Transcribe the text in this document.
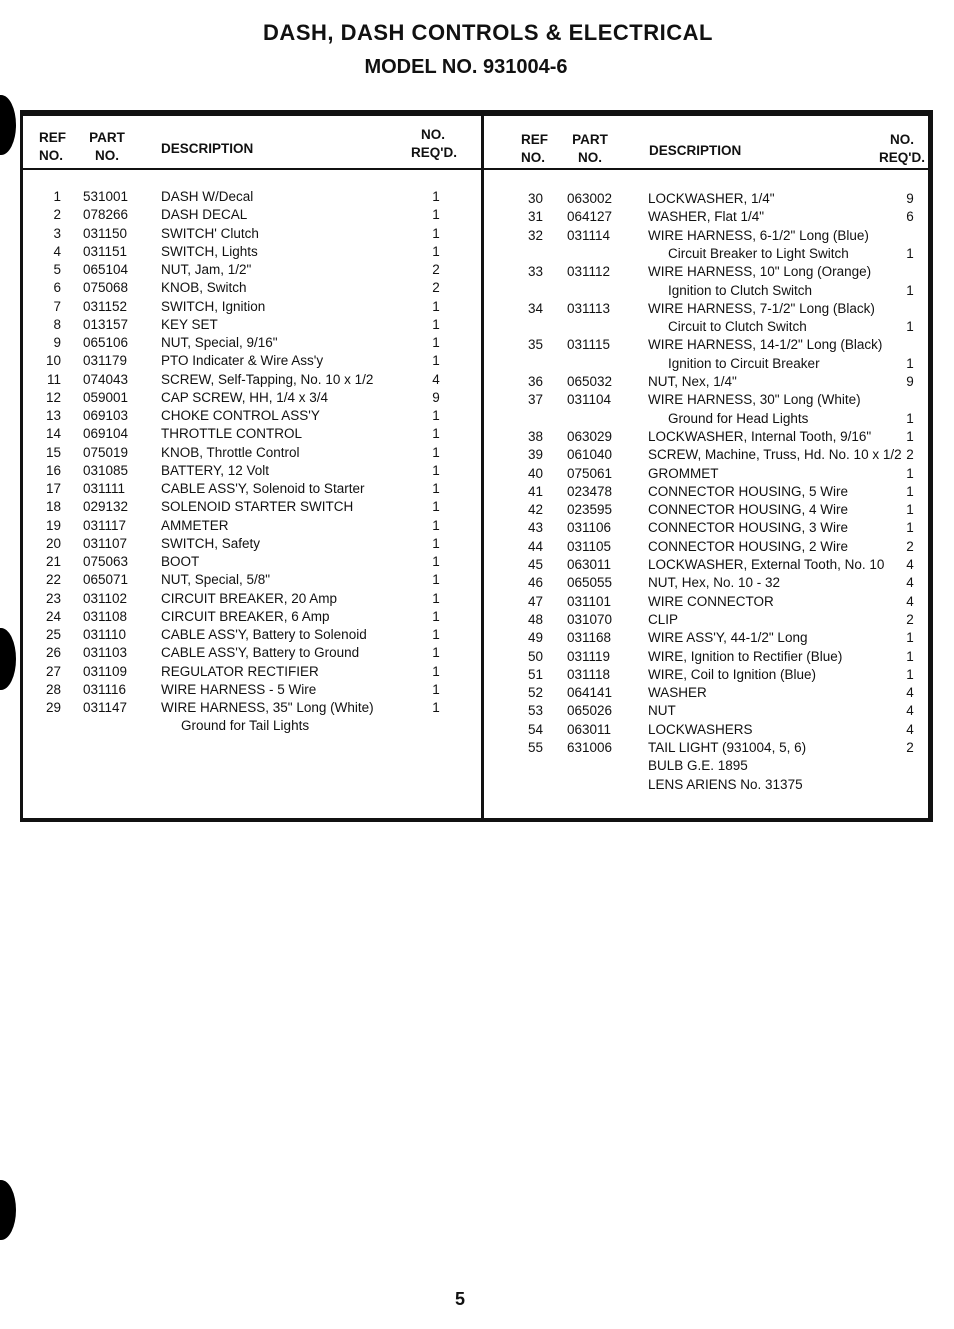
DASH, DASH CONTROLS & ELECTRICAL
MODEL NO. 931004-6
REF
NO.
PART
NO.	DESCRIPTION
NO.
REQ'D.
REF
NO.
PART
NO.	DESCRIPTION
NO.
REQ'D.
1 531001 DASH W/Decal	1
2 078266 DASH DECAL	1
3 031150	SWITCH' Clutch	1
4 031151	SWITCH, Lights	1
5 065104 NUT, Jam, 1/2"	2
6 075068 KNOB, Switch	2
7 031152	SWITCH, Ignition	1
8 013157 KEY SET	1
9 065106 NUT, Special, 9/16"	1
10 031179	PTO Indicater & Wire Ass'y	1
11 074043 SCREW, Self-Tapping, No. 10 x 1/2	4
12 059001 CAP SCREW, HH, 1/4 x 3/4	9
13 069103 CHOKE CONTROL ASS'Y	1
14 069104 THROTTLE CONTROL	1
15 075019 KNOB, Throttle Control	1
16 031085 BATTERY, 12 Volt	1
17 031111	CABLE ASS'Y, Solenoid to Starter	1
18 029132 SOLENOID STARTER SWITCH	1
19 031117	AMMETER	1
20 031107	SWITCH, Safety	1
21 075063 BOOT	1
22 065071 NUT, Special, 5/8"	1
23 031102	CIRCUIT BREAKER, 20 Amp	1
24 031108	CIRCUIT BREAKER, 6 Amp	1
25 031110	CABLE ASS'Y, Battery to Solenoid	1
26 031103	CABLE ASS'Y, Battery to Ground	1
27 031109	REGULATOR RECTIFIER	1
28 031116	WIRE HARNESS - 5 Wire	1
29 031147	WIRE HARNESS, 35" Long (White)	1
Ground for Tail Lights
30 063002	LOCKWASHER, 1/4"	9
31 064127	WASHER, Flat 1/4"	6
32 031114	WIRE HARNESS, 6-1/2" Long (Blue)
Circuit Breaker to Light Switch	1
33 031112	WIRE HARNESS, 10" Long (Orange)
Ignition to Clutch Switch	1
34 031113	WIRE HARNESS, 7-1/2" Long (Black)
Circuit to Clutch Switch	1
35 031115	WIRE HARNESS, 14-1/2" Long (Black)
Ignition to Circuit Breaker	1
36 065032	NUT, Nex, 1/4"	9
37 031104	WIRE HARNESS, 30" Long (White)
Ground for Head Lights	1
38 063029	LOCKWASHER, Internal Tooth, 9/16"	1
39 061040	SCREW, Machine, Truss, Hd. No. 10 x 1/2 2
40 075061	GROMMET	1
41 023478	CONNECTOR HOUSING, 5 Wire	1
42 023595	CONNECTOR HOUSING, 4 Wire	1
43 031106	CONNECTOR HOUSING, 3 Wire	1
44 031105	CONNECTOR HOUSING, 2 Wire	2
45 063011	LOCKWASHER, External Tooth, No. 10	4
46 065055	NUT, Hex, No. 10 - 32	4
47 031101	WIRE CONNECTOR	4
48 031070	CLIP	2
49 031168	WIRE ASS'Y, 44-1/2" Long	1
50 031119	WIRE, Ignition to Rectifier (Blue)	1
51 031118	WIRE, Coil to Ignition (Blue)	1
52 064141	WASHER	4
53 065026	NUT	4
54 063011	LOCKWASHERS	4
55 631006	TAIL LIGHT (931004, 5, 6)	2
BULB G.E. 1895
LENS ARIENS No. 31375
5
